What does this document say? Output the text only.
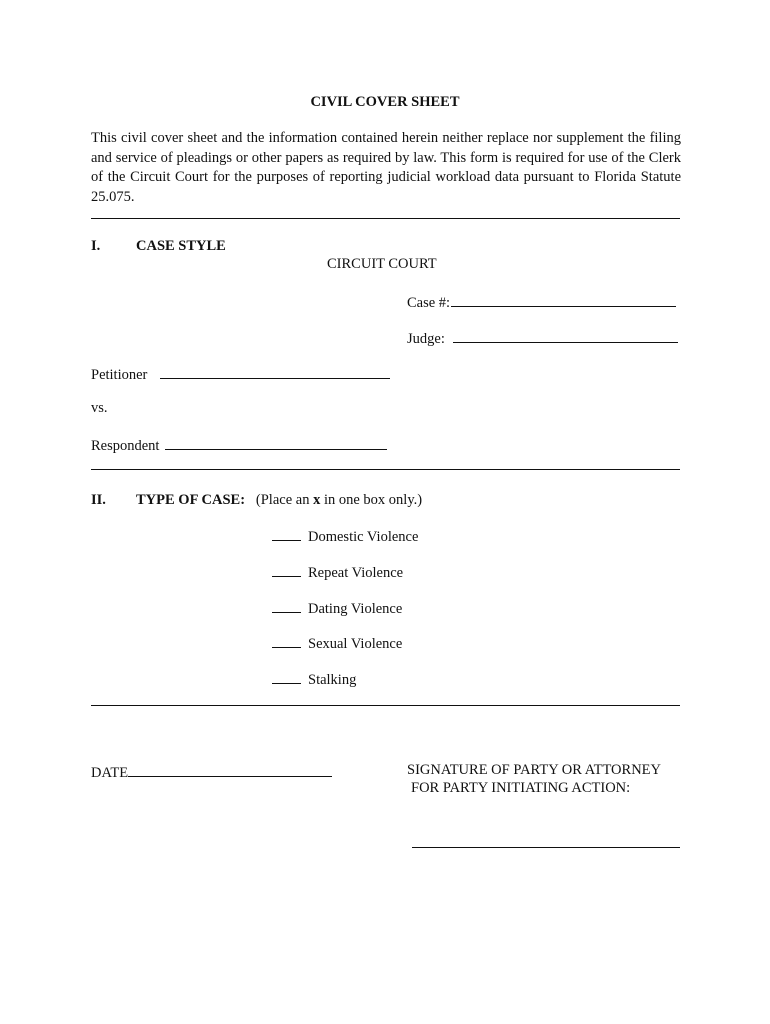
CIVIL COVER SHEET
This civil cover sheet and the information contained herein neither replace nor supplement the filing and service of pleadings or other papers as required by law. This form is required for use of the Clerk of the Circuit Court for the purposes of reporting judicial workload data pursuant to Florida Statute 25.075.
I. CASE STYLE
CIRCUIT COURT
Case #:
Judge:
Petitioner
vs.
Respondent
II. TYPE OF CASE: (Place an x in one box only.)
Domestic Violence
Repeat Violence
Dating Violence
Sexual Violence
Stalking
DATE	SIGNATURE OF PARTY OR ATTORNEY
FOR PARTY INITIATING ACTION:
